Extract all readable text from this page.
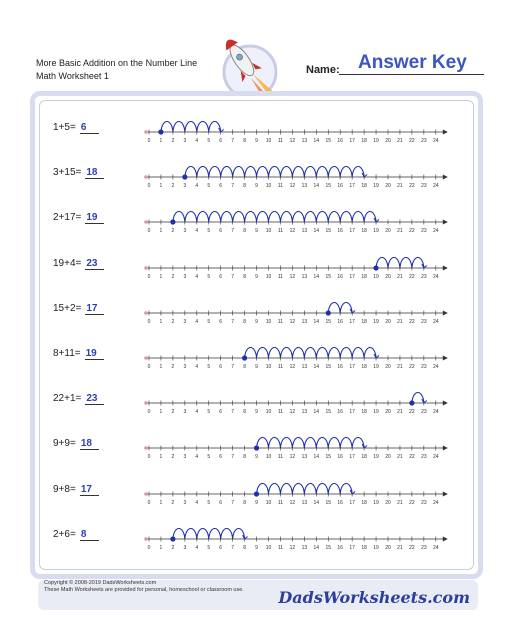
More Basic Addition on the Number Line
Math Worksheet 1	Name: Answer Key
1+5= 6
0 1 2 3 4 5 6 7 8 9 10 11 12 13 14 15 16 17 18 19 20 21 22 23 24
3+15= 18
0 1 2 3 4 5 6 7 8 9 10 11 12 13 14 15 16 17 18 19 20 21 22 23 24
2+17= 19
0 1 2 3 4 5 6 7 8 9 10 11 12 13 14 15 16 17 18 19 20 21 22 23 24
19+4= 23
0 1 2 3 4 5 6 7 8 9 10 11 12 13 14 15 16 17 18 19 20 21 22 23 24
15+2= 17
0 1 2 3 4 5 6 7 8 9 10 11 12 13 14 15 16 17 18 19 20 21 22 23 24
8+11= 19
0 1 2 3 4 5 6 7 8 9 10 11 12 13 14 15 16 17 18 19 20 21 22 23 24
22+1= 23
0 1 2 3 4 5 6 7 8 9 10 11 12 13 14 15 16 17 18 19 20 21 22 23 24
9+9= 18
0 1 2 3 4 5 6 7 8 9 10 11 12 13 14 15 16 17 18 19 20 21 22 23 24
9+8= 17
0 1 2 3 4 5 6 7 8 9 10 11 12 13 14 15 16 17 18 19 20 21 22 23 24
2+6= 8
0 1 2 3 4 5 6 7 8 9 10 11 12 13 14 15 16 17 18 19 20 21 22 23 24
Copyright © 2008-2019 DadsWorksheets.com
These Math Worksheets are provided for personal, homeschool or classroom use. DadsWorksheets.com
